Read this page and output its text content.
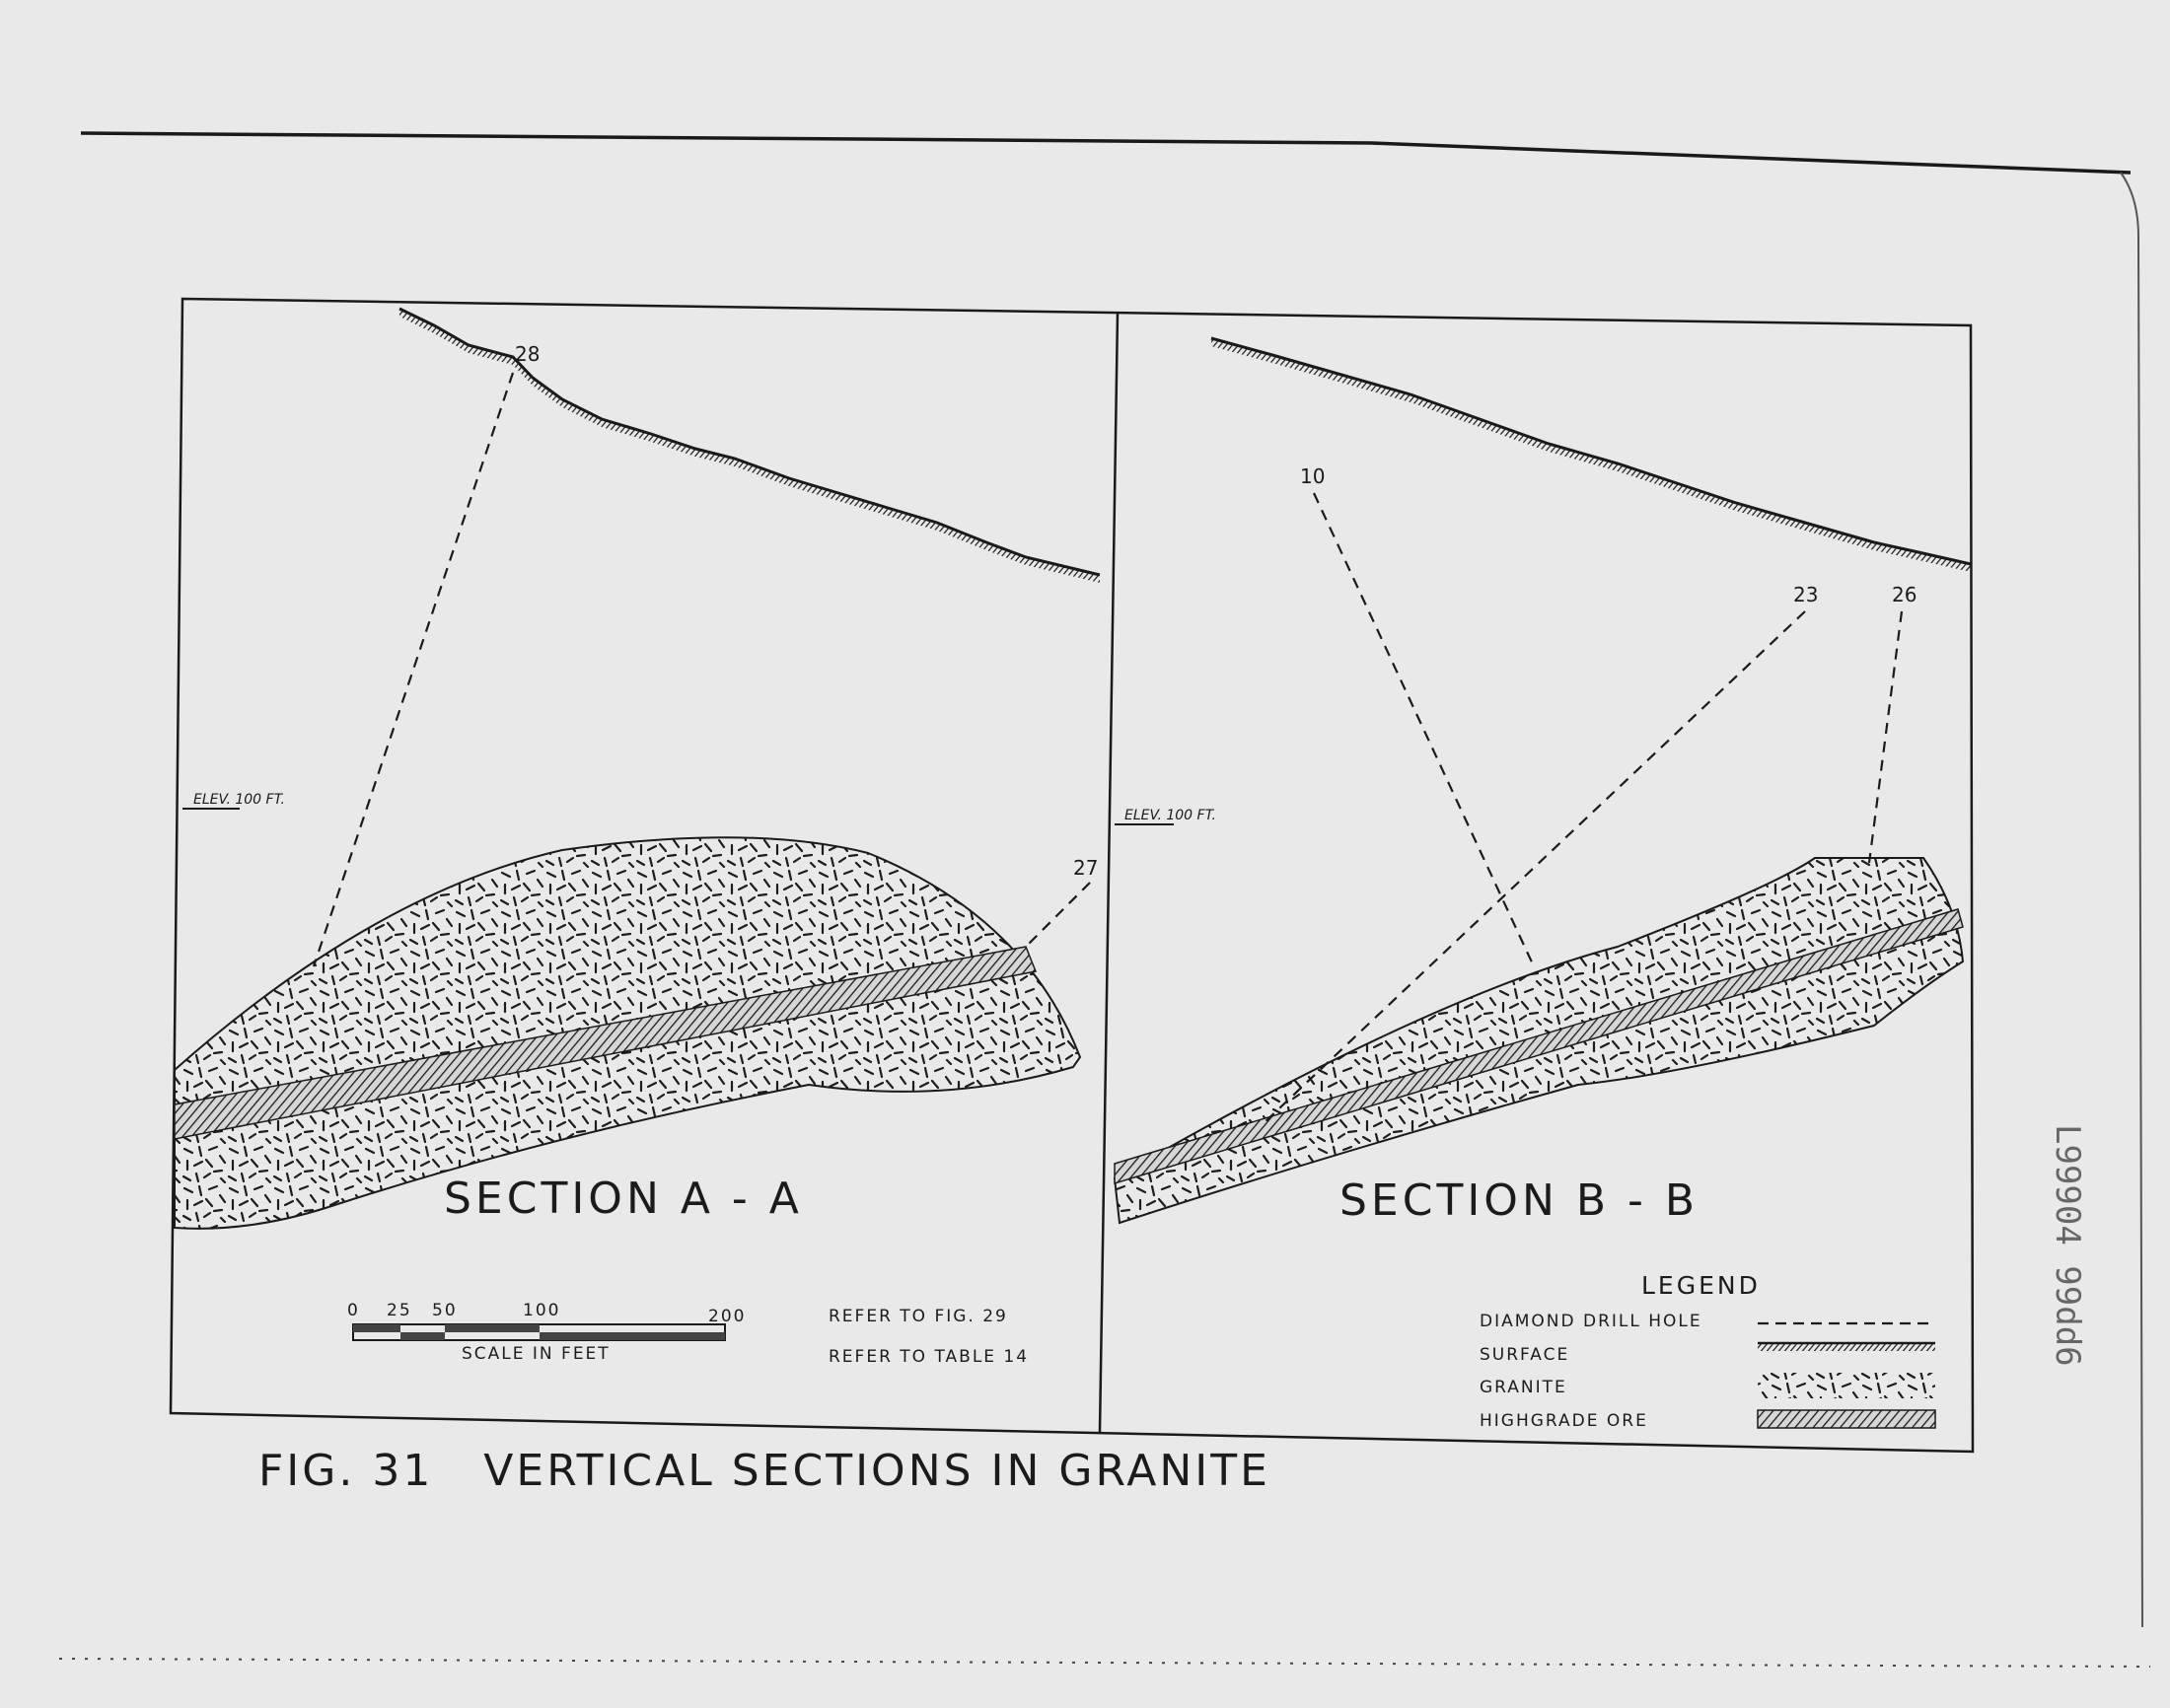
28
27
ELEV. 100 FT.
SECTION A - A
0 25 50	100	200
SCALE IN FEET
REFER TO FIG. 29
REFER TO TABLE 14
10
23	26
ELEV. 100 FT.
SECTION B - B
LEGEND
DIAMOND DRILL HOLE
SURFACE
GRANITE
HIGHGRADE ORE
FIG. 31   VERTICAL SECTIONS IN GRANITE
L99904 99dd6
